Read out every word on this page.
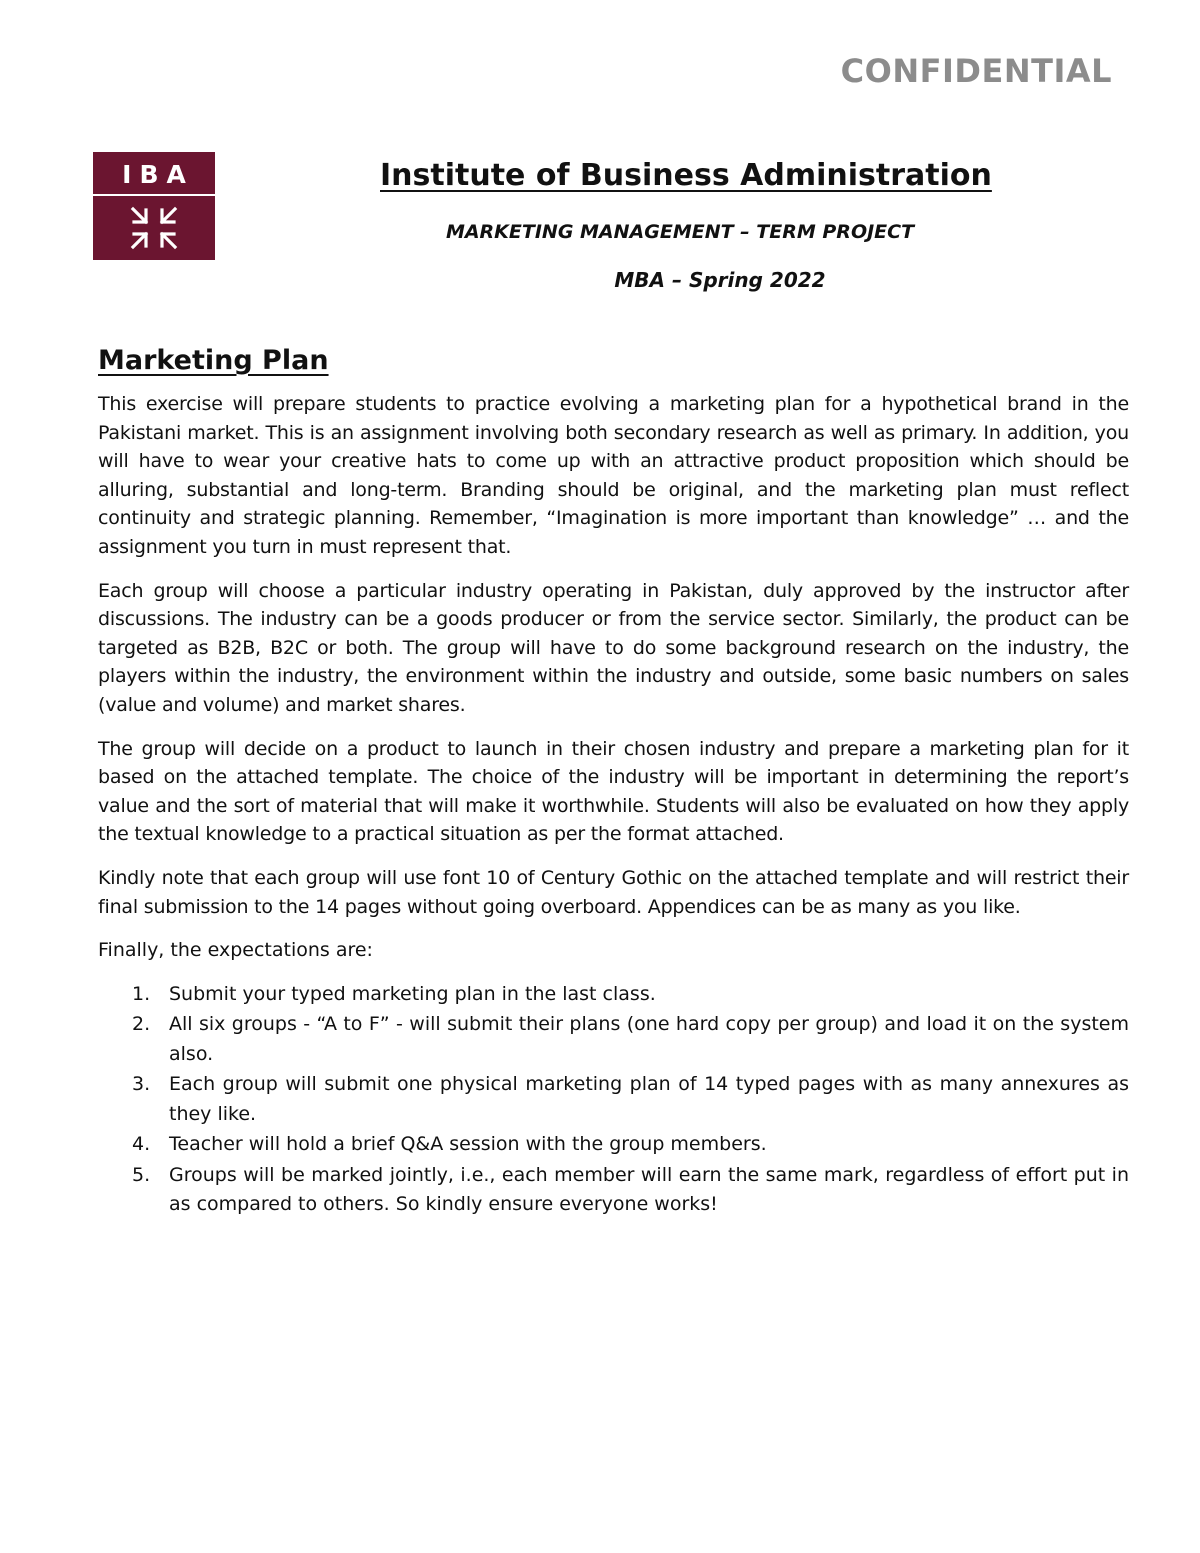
CONFIDENTIAL
IBA	Institute of Business Administration
MARKETING MANAGEMENT – TERM PROJECT
MBA – Spring 2022
Marketing Plan

This exercise will prepare students to practice evolving a marketing plan for a hypothetical brand in the Pakistani market. This is an assignment involving both secondary research as well as primary. In addition, you will have to wear your creative hats to come up with an attractive product proposition which should be alluring, substantial and long-term. Branding should be original, and the marketing plan must reflect continuity and strategic planning. Remember, “Imagination is more important than knowledge” … and the assignment you turn in must represent that.

Each group will choose a particular industry operating in Pakistan, duly approved by the instructor after discussions. The industry can be a goods producer or from the service sector. Similarly, the product can be targeted as B2B, B2C or both. The group will have to do some background research on the industry, the players within the industry, the environment within the industry and outside, some basic numbers on sales (value and volume) and market shares.

The group will decide on a product to launch in their chosen industry and prepare a marketing plan for it based on the attached template. The choice of the industry will be important in determining the report’s value and the sort of material that will make it worthwhile. Students will also be evaluated on how they apply the textual knowledge to a practical situation as per the format attached.

Kindly note that each group will use font 10 of Century Gothic on the attached template and will restrict their final submission to the 14 pages without going overboard. Appendices can be as many as you like.

Finally, the expectations are:

1. Submit your typed marketing plan in the last class.
2. All six groups - “A to F” - will submit their plans (one hard copy per group) and load it on the system also.
3. Each group will submit one physical marketing plan of 14 typed pages with as many annexures as they like.
4. Teacher will hold a brief Q&A session with the group members.
5. Groups will be marked jointly, i.e., each member will earn the same mark, regardless of effort put in as compared to others. So kindly ensure everyone works!
